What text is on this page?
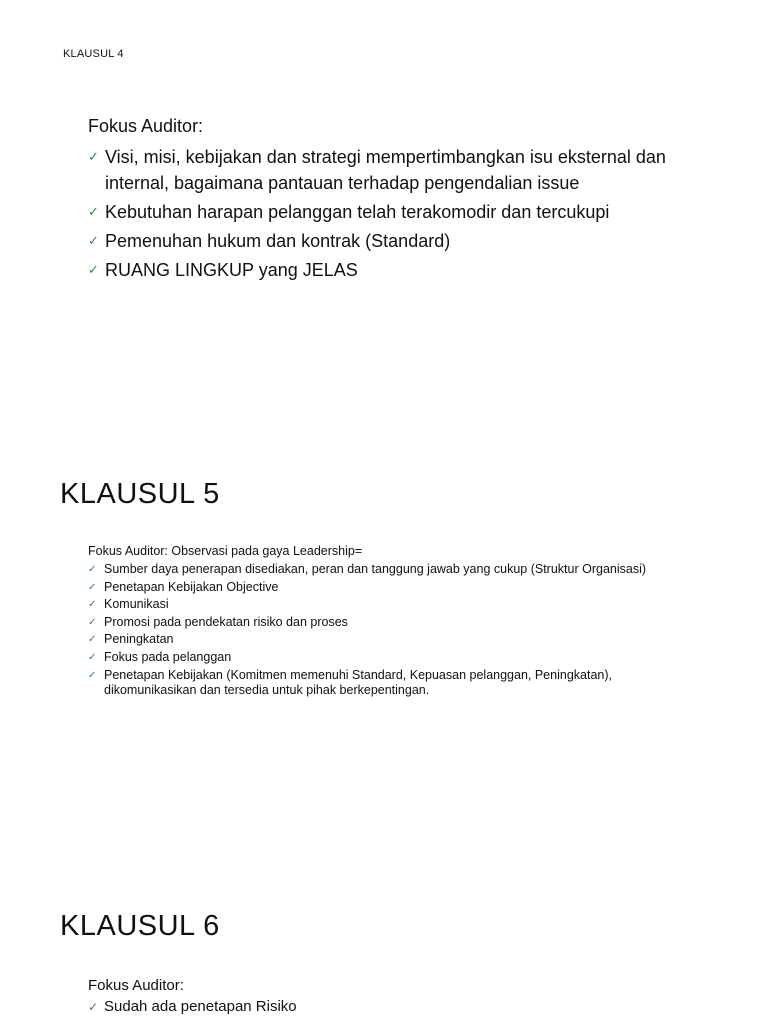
KLAUSUL 4
Fokus Auditor:
✓ Visi, misi, kebijakan dan strategi mempertimbangkan isu eksternal dan internal, bagaimana pantauan terhadap pengendalian issue
✓ Kebutuhan harapan pelanggan telah terakomodir dan tercukupi
✓ Pemenuhan hukum dan kontrak (Standard)
✓ RUANG LINGKUP yang JELAS
KLAUSUL 5
Fokus Auditor: Observasi pada gaya Leadership=
✓ Sumber daya penerapan disediakan, peran dan tanggung jawab yang cukup (Struktur Organisasi)
✓ Penetapan Kebijakan Objective
✓ Komunikasi
✓ Promosi pada pendekatan risiko dan proses
✓ Peningkatan
✓ Fokus pada pelanggan
✓ Penetapan Kebijakan (Komitmen memenuhi Standard, Kepuasan pelanggan, Peningkatan), dikomunikasikan dan tersedia untuk pihak berkepentingan.
KLAUSUL 6
Fokus Auditor:
✓ Sudah ada penetapan Risiko
